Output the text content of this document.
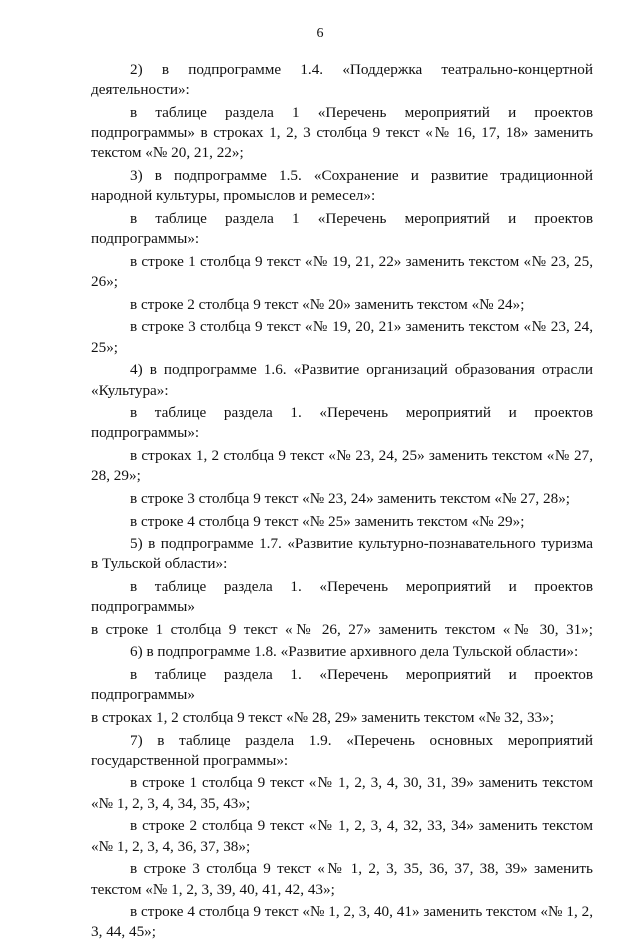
6

2) в подпрограмме 1.4. «Поддержка театрально-концертной деятельности»:

в таблице раздела 1 «Перечень мероприятий и проектов подпрограммы» в строках 1, 2, 3 столбца 9 текст «№ 16, 17, 18» заменить текстом «№ 20, 21, 22»;

3) в подпрограмме 1.5. «Сохранение и развитие традиционной народной культуры, промыслов и ремесел»:

в таблице раздела 1 «Перечень мероприятий и проектов подпрограммы»:

в строке 1 столбца 9 текст «№ 19, 21, 22» заменить текстом «№ 23, 25, 26»;

в строке 2 столбца 9 текст «№ 20» заменить текстом «№ 24»;

в строке 3 столбца 9 текст «№ 19, 20, 21» заменить текстом «№ 23, 24, 25»;

4) в подпрограмме 1.6. «Развитие организаций образования отрасли «Культура»:

в таблице раздела 1. «Перечень мероприятий и проектов подпрограммы»:

в строках 1, 2 столбца 9 текст «№ 23, 24, 25» заменить текстом «№ 27, 28, 29»;

в строке 3 столбца 9 текст «№ 23, 24» заменить текстом «№ 27, 28»;

в строке 4 столбца 9 текст «№ 25» заменить текстом «№ 29»;

5) в подпрограмме 1.7. «Развитие культурно-познавательного туризма в Тульской области»:

в таблице раздела 1. «Перечень мероприятий и проектов подпрограммы»

в строке 1 столбца 9 текст «№ 26, 27» заменить текстом «№ 30, 31»;

6) в подпрограмме 1.8. «Развитие архивного дела Тульской области»:

в таблице раздела 1. «Перечень мероприятий и проектов подпрограммы»

в строках 1, 2 столбца 9 текст «№ 28, 29» заменить текстом «№ 32, 33»;

7) в таблице раздела 1.9. «Перечень основных мероприятий государственной программы»:

в строке 1 столбца 9 текст «№ 1, 2, 3, 4, 30, 31, 39» заменить текстом «№ 1, 2, 3, 4, 34, 35, 43»;

в строке 2 столбца 9 текст «№ 1, 2, 3, 4, 32, 33, 34» заменить текстом «№ 1, 2, 3, 4, 36, 37, 38»;

в строке 3 столбца 9 текст «№ 1, 2, 3, 35, 36, 37, 38, 39» заменить текстом «№ 1, 2, 3, 39, 40, 41, 42, 43»;

в строке 4 столбца 9 текст «№ 1, 2, 3, 40, 41» заменить текстом «№ 1, 2, 3, 44, 45»;
